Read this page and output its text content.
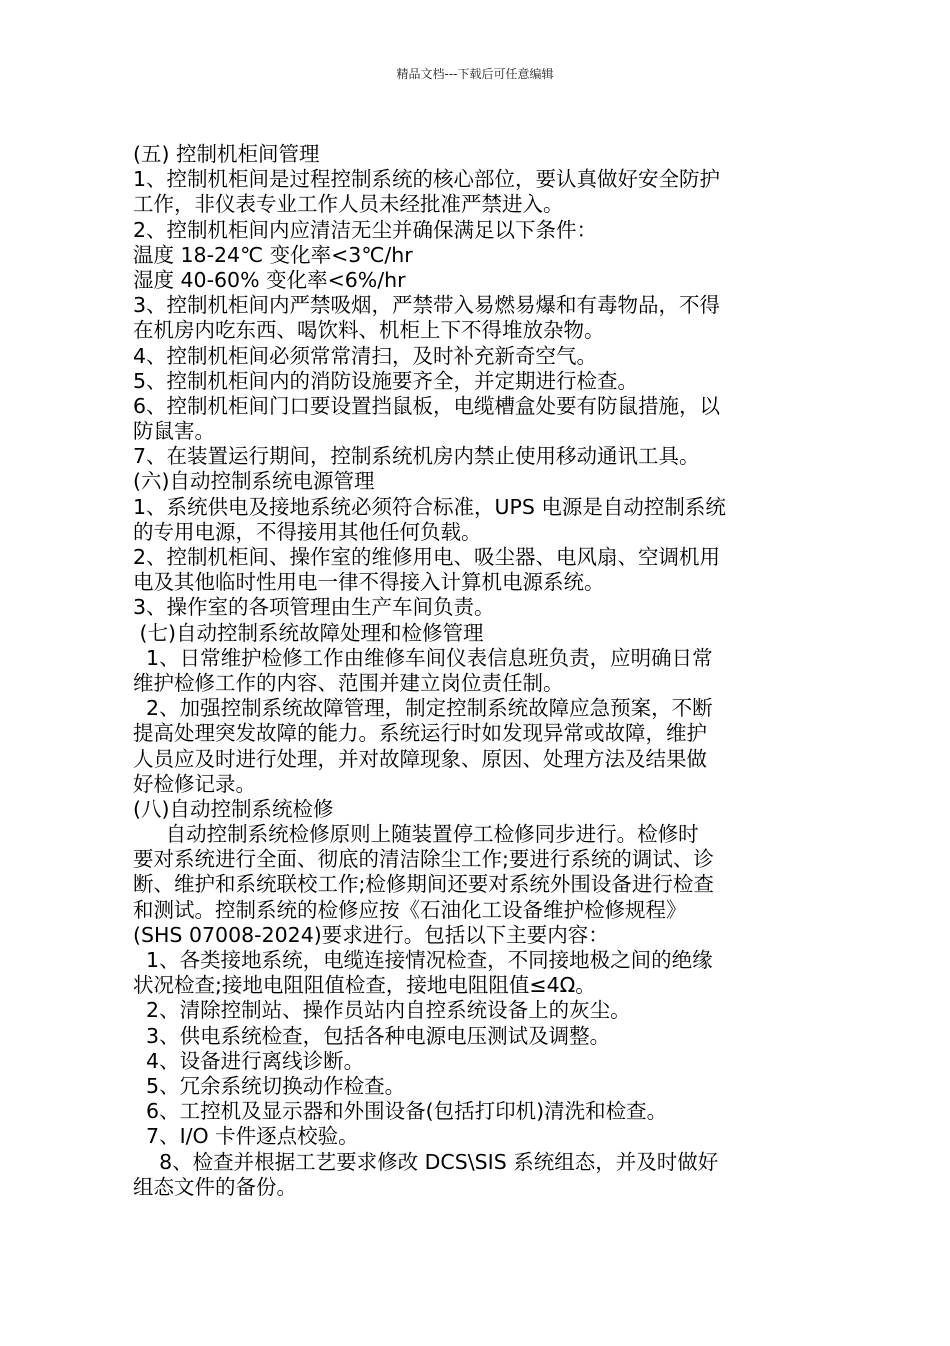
精品文档---下载后可任意编辑
(五) 控制机柜间管理
1、控制机柜间是过程控制系统的核心部位，要认真做好安全防护
工作，非仪表专业工作人员未经批准严禁进入。
2、控制机柜间内应清洁无尘并确保满足以下条件：
温度 18-24℃ 变化率<3℃/hr
湿度 40-60% 变化率<6%/hr
3、控制机柜间内严禁吸烟，严禁带入易燃易爆和有毒物品，不得
在机房内吃东西、喝饮料、机柜上下不得堆放杂物。
4、控制机柜间必须常常清扫，及时补充新奇空气。
5、控制机柜间内的消防设施要齐全，并定期进行检查。
6、控制机柜间门口要设置挡鼠板，电缆槽盒处要有防鼠措施，以
防鼠害。
7、在装置运行期间，控制系统机房内禁止使用移动通讯工具。
(六)自动控制系统电源管理
1、系统供电及接地系统必须符合标准，UPS 电源是自动控制系统
的专用电源，不得接用其他任何负载。
2、控制机柜间、操作室的维修用电、吸尘器、电风扇、空调机用
电及其他临时性用电一律不得接入计算机电源系统。
3、操作室的各项管理由生产车间负责。
(七)自动控制系统故障处理和检修管理
1、日常维护检修工作由维修车间仪表信息班负责，应明确日常
维护检修工作的内容、范围并建立岗位责任制。
2、加强控制系统故障管理，制定控制系统故障应急预案，不断
提高处理突发故障的能力。系统运行时如发现异常或故障，维护
人员应及时进行处理，并对故障现象、原因、处理方法及结果做
好检修记录。
(八)自动控制系统检修
自动控制系统检修原则上随装置停工检修同步进行。检修时
要对系统进行全面、彻底的清洁除尘工作;要进行系统的调试、诊
断、维护和系统联校工作;检修期间还要对系统外围设备进行检查
和测试。控制系统的检修应按《石油化工设备维护检修规程》
(SHS 07008-2024)要求进行。包括以下主要内容：
1、各类接地系统，电缆连接情况检查，不同接地极之间的绝缘
状况检查;接地电阻阻值检查，接地电阻阻值≤4Ω。
2、清除控制站、操作员站内自控系统设备上的灰尘。
3、供电系统检查，包括各种电源电压测试及调整。
4、设备进行离线诊断。
5、冗余系统切换动作检查。
6、工控机及显示器和外围设备(包括打印机)清洗和检查。
7、I/O 卡件逐点校验。
8、检查并根据工艺要求修改 DCS\SIS 系统组态，并及时做好
组态文件的备份。
